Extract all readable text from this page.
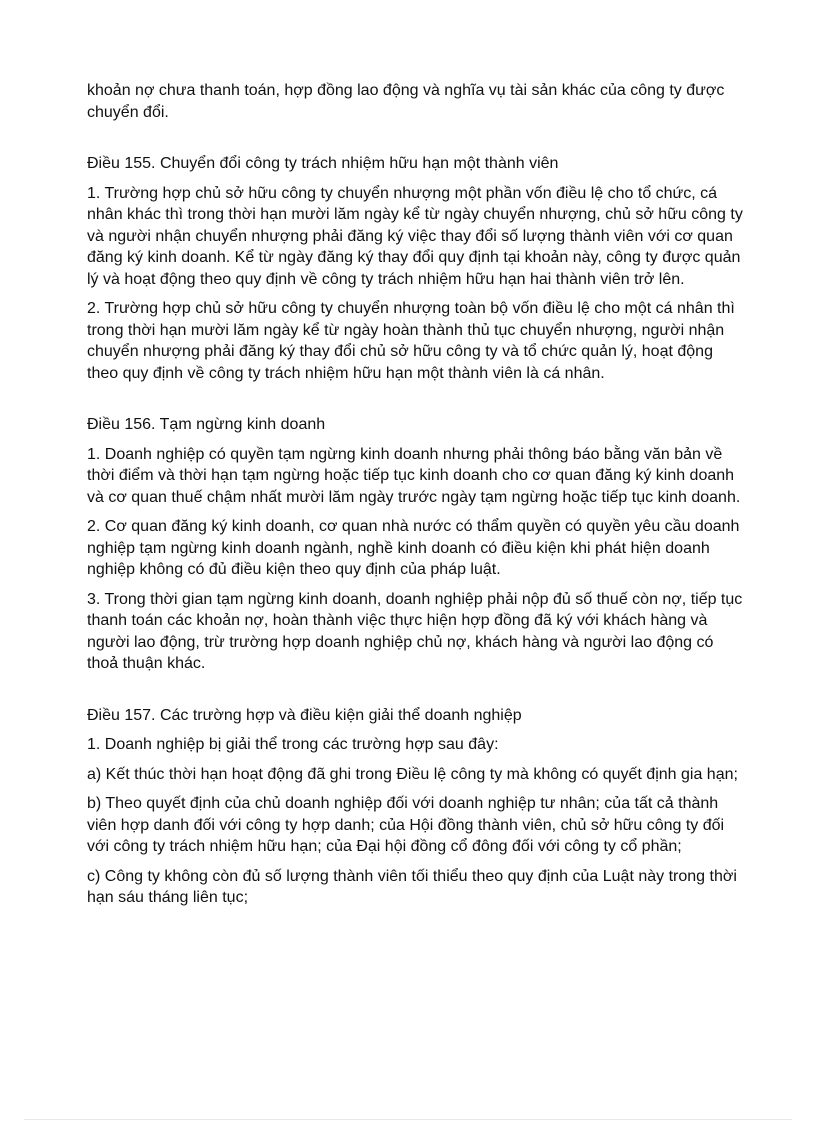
khoản nợ chưa thanh toán, hợp đồng lao động và nghĩa vụ tài sản khác của công ty được chuyển đổi.

Điều 155. Chuyển đổi công ty trách nhiệm hữu hạn một thành viên

1. Trường hợp chủ sở hữu công ty chuyển nhượng một phần vốn điều lệ cho tổ chức, cá nhân khác thì trong thời hạn mười lăm ngày kể từ ngày chuyển nhượng, chủ sở hữu công ty và người nhận chuyển nhượng phải đăng ký việc thay đổi số lượng thành viên với cơ quan đăng ký kinh doanh. Kể từ ngày đăng ký thay đổi quy định tại khoản này, công ty được quản lý và hoạt động theo quy định về công ty trách nhiệm hữu hạn hai thành viên trở lên.

2. Trường hợp chủ sở hữu công ty chuyển nhượng toàn bộ vốn điều lệ cho một cá nhân thì trong thời hạn mười lăm ngày kể từ ngày hoàn thành thủ tục chuyển nhượng, người nhận chuyển nhượng phải đăng ký thay đổi chủ sở hữu công ty và tổ chức quản lý, hoạt động theo quy định về công ty trách nhiệm hữu hạn một thành viên là cá nhân.

Điều 156. Tạm ngừng kinh doanh

1. Doanh nghiệp có quyền tạm ngừng kinh doanh nhưng phải thông báo bằng văn bản về thời điểm và thời hạn tạm ngừng hoặc tiếp tục kinh doanh cho cơ quan đăng ký kinh doanh và cơ quan thuế chậm nhất mười lăm ngày trước ngày tạm ngừng hoặc tiếp tục kinh doanh.

2. Cơ quan đăng ký kinh doanh, cơ quan nhà nước có thẩm quyền có quyền yêu cầu doanh nghiệp tạm ngừng kinh doanh ngành, nghề kinh doanh có điều kiện khi phát hiện doanh nghiệp không có đủ điều kiện theo quy định của pháp luật.

3. Trong thời gian tạm ngừng kinh doanh, doanh nghiệp phải nộp đủ số thuế còn nợ, tiếp tục thanh toán các khoản nợ, hoàn thành việc thực hiện hợp đồng đã ký với khách hàng và người lao động, trừ trường hợp doanh nghiệp chủ nợ, khách hàng và người lao động có thoả thuận khác.

Điều 157. Các trường hợp và điều kiện giải thể doanh nghiệp

1. Doanh nghiệp bị giải thể trong các trường hợp sau đây:

a) Kết thúc thời hạn hoạt động đã ghi trong Điều lệ công ty mà không có quyết định gia hạn;

b) Theo quyết định của chủ doanh nghiệp đối với doanh nghiệp tư nhân; của tất cả thành viên hợp danh đối với công ty hợp danh; của Hội đồng thành viên, chủ sở hữu công ty đối với công ty trách nhiệm hữu hạn; của Đại hội đồng cổ đông đối với công ty cổ phần;

c) Công ty không còn đủ số lượng thành viên tối thiểu theo quy định của Luật này trong thời hạn sáu tháng liên tục;
